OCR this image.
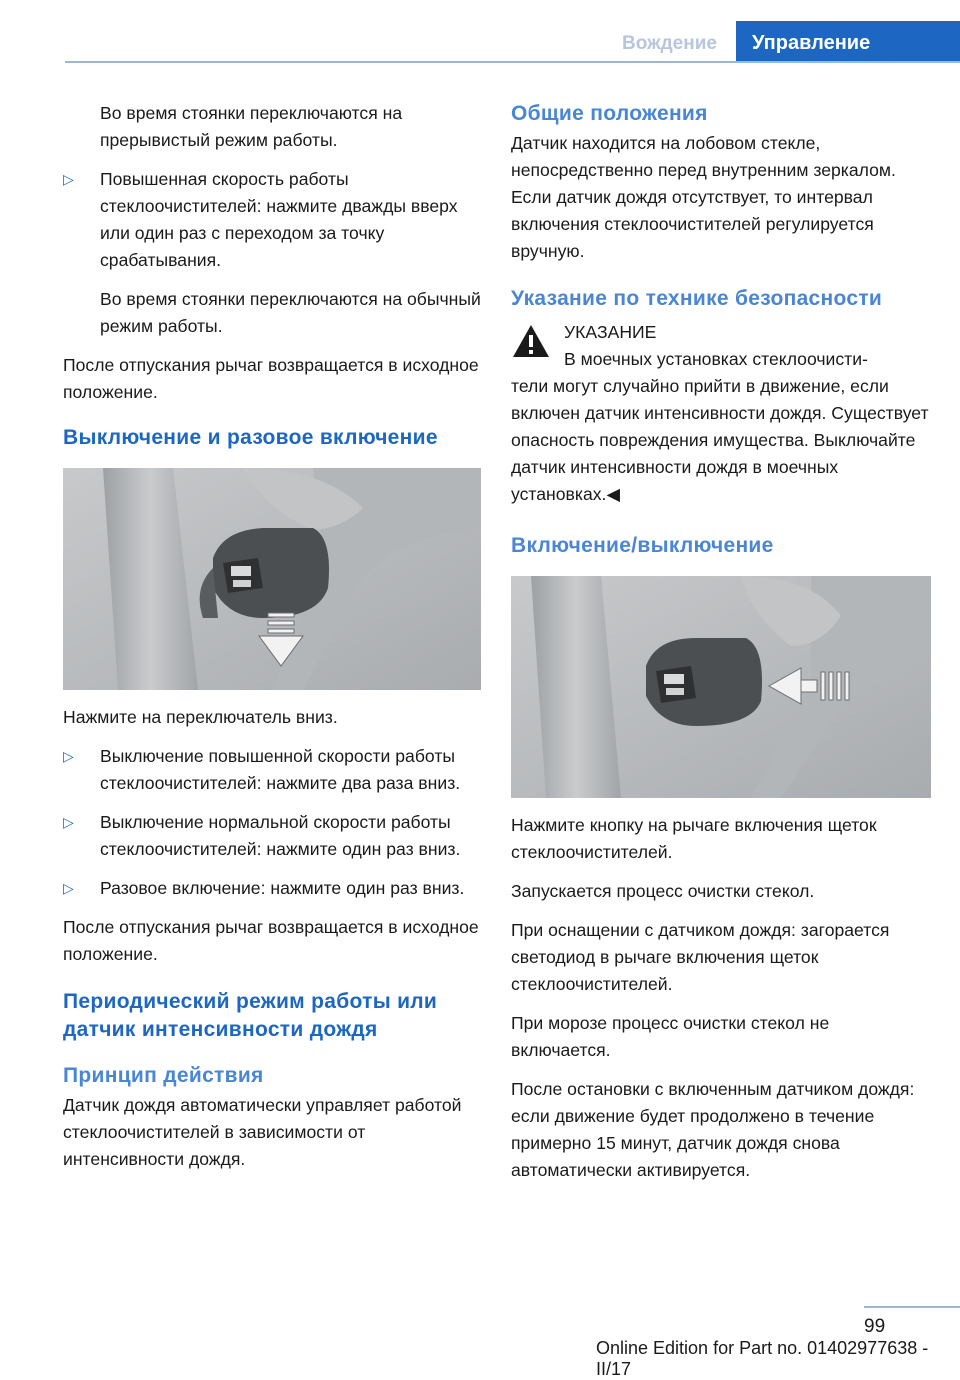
Вождение	Управление

Во время стоянки переключаются на прерывистый режим работы.

▷ Повышенная скорость работы стеклоочистителей: нажмите дважды вверх или один раз с переходом за точку срабатывания.

Во время стоянки переключаются на обычный режим работы.

После отпускания рычаг возвращается в исходное положение.

Выключение и разовое включение

Нажмите на переключатель вниз.

▷ Выключение повышенной скорости работы стеклоочистителей: нажмите два раза вниз.

▷ Выключение нормальной скорости работы стеклоочистителей: нажмите один раз вниз.

▷ Разовое включение: нажмите один раз вниз.

После отпускания рычаг возвращается в исходное положение.

Периодический режим работы или датчик интенсивности дождя
Принцип действия

Датчик дождя автоматически управляет работой стеклоочистителей в зависимости от интенсивности дождя.

Общие положения

Датчик находится на лобовом стекле, непосредственно перед внутренним зеркалом. Если датчик дождя отсутствует, то интервал включения стеклоочистителей регулируется вручную.

Указание по технике безопасности
УКАЗАНИЕ

В моечных установках стеклоочисти-
тели могут случайно прийти в движение, если включен датчик интенсивности дождя. Существует опасность повреждения имущества. Выключайте датчик интенсивности дождя в моечных установках.◀

Включение/выключение

Нажмите кнопку на рычаге включения щеток стеклоочистителей.

Запускается процесс очистки стекол.

При оснащении с датчиком дождя: загорается светодиод в рычаге включения щеток стеклоочистителей.

При морозе процесс очистки стекол не включается.

После остановки с включенным датчиком дождя: если движение будет продолжено в течение примерно 15 минут, датчик дождя снова автоматически активируется.

99
Online Edition for Part no. 01402977638 - II/17
